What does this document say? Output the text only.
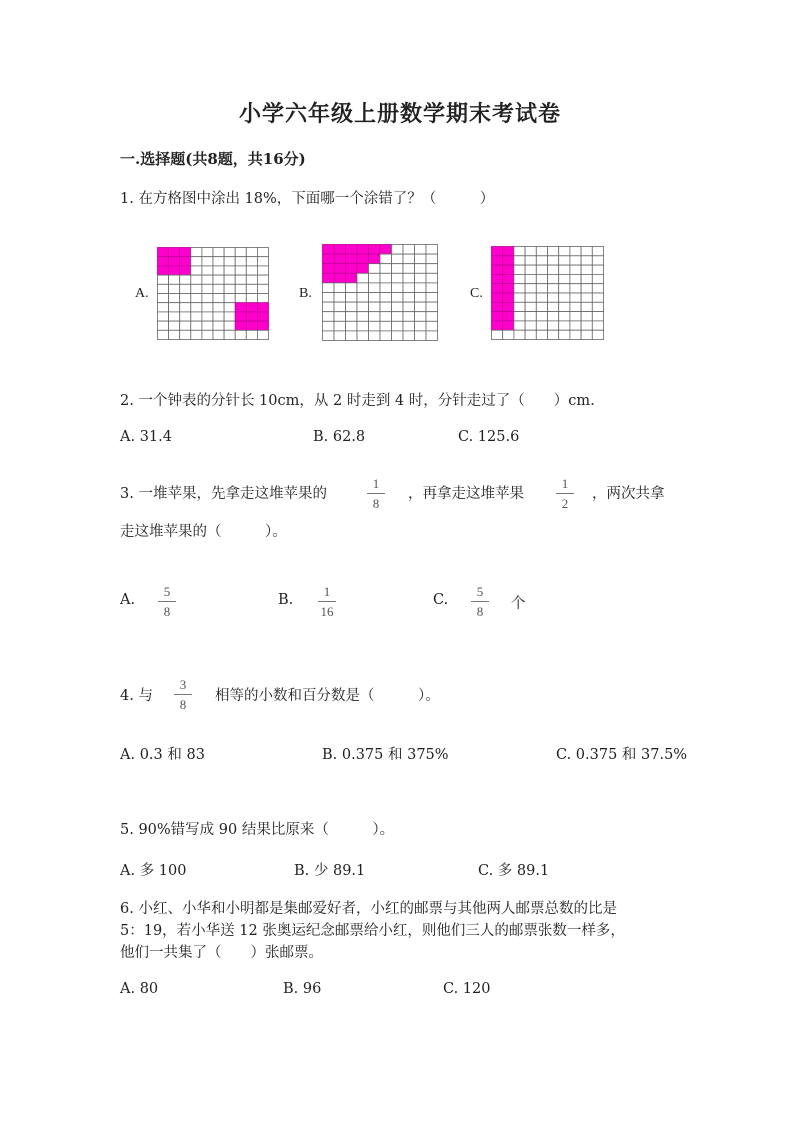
小学六年级上册数学期末考试卷
一.选择题(共8题，共16分)
1. 在方格图中涂出 18%，下面哪一个涂错了？（　　　）
A.	B.	C.
2. 一个钟表的分针长 10cm，从 2 时走到 4 时，分针走过了（　　）cm.
A. 31.4	B. 62.8	C. 125.6
3. 一堆苹果，先拿走这堆苹果的
1
8
，再拿走这堆苹果
1
2
，两次共拿
走这堆苹果的（　　　）。
A.
5
8
B.
1
16
C.
5
8	个
4. 与
3
8
相等的小数和百分数是（　　　）。
A. 0.3 和 83	B. 0.375 和 375%	C. 0.375 和 37.5%
5. 90%错写成 90 结果比原来（　　　）。
A. 多 100	B. 少 89.1	C. 多 89.1
6. 小红、小华和小明都是集邮爱好者，小红的邮票与其他两人邮票总数的比是
5：19，若小华送 12 张奥运纪念邮票给小红，则他们三人的邮票张数一样多，
他们一共集了（　　）张邮票。
A. 80	B. 96	C. 120
